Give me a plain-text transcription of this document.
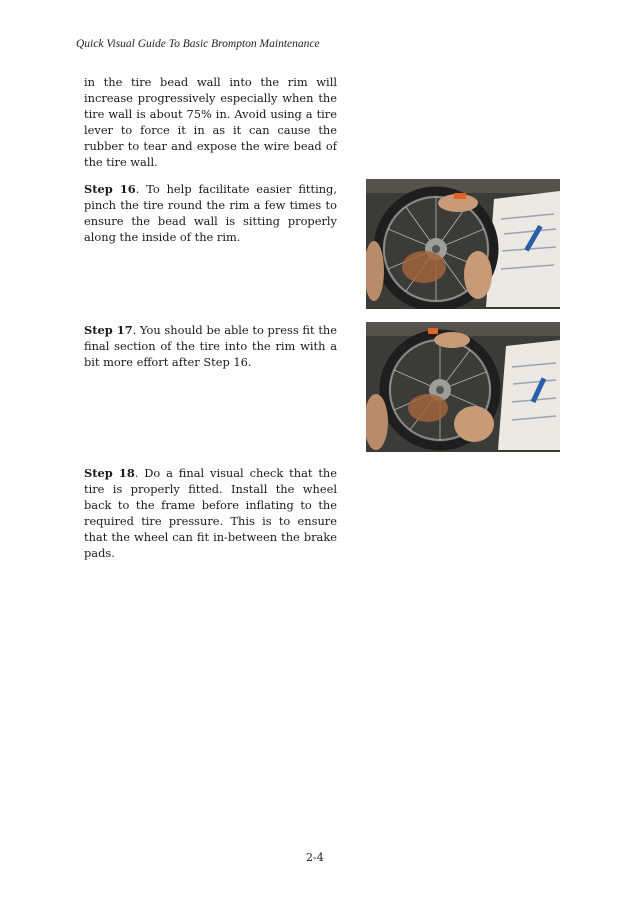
Quick Visual Guide To Basic Brompton Maintenance

in the tire bead wall into the rim will increase progressively especially when the tire wall is about 75% in. Avoid using a tire lever to force it in as it can cause the rubber to tear and expose the wire bead of the tire wall.

Step 16. To help facilitate easier fitting, pinch the tire round the rim a few times to ensure the bead wall is sitting properly along the inside of the rim.

Step 17. You should be able to press fit the final section of the tire into the rim with a bit more effort after Step 16.

Step 18. Do a final visual check that the tire is properly fitted. Install the wheel back to the frame before inflating to the required tire pressure. This is to ensure that the wheel can fit in-between the brake pads.

2-4
